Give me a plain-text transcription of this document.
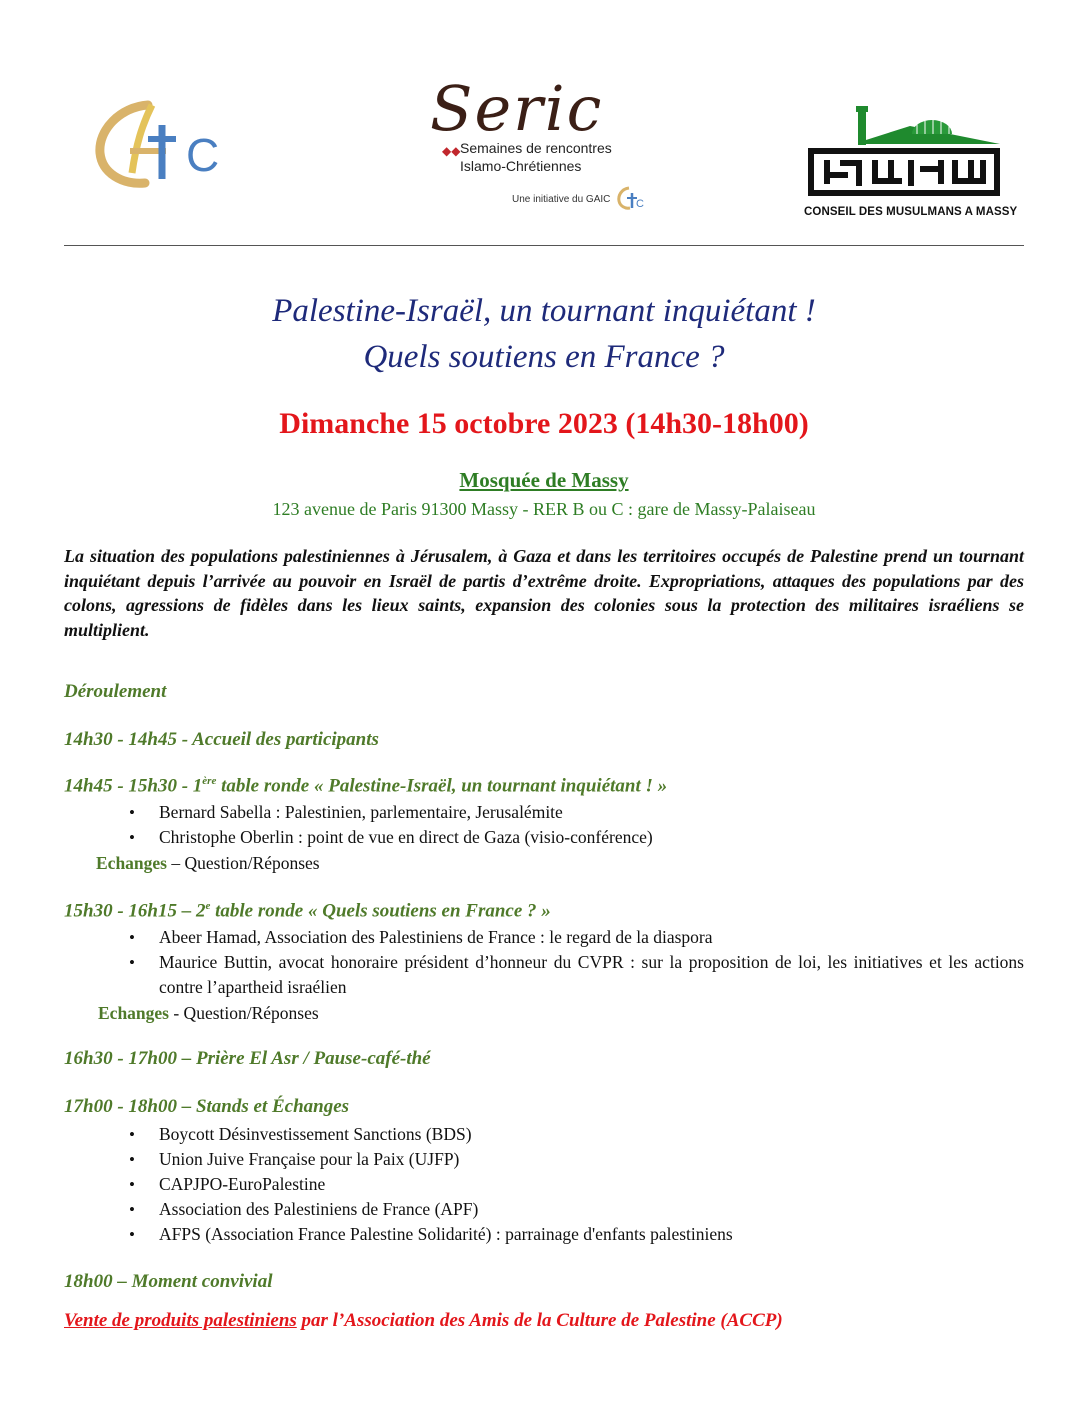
C
Seric
◆◆ Semaines de rencontres
Islamo-Chrétiennes
Une initiative du GAIC C
CONSEIL DES MUSULMANS A MASSY
Palestine-Israël, un tournant inquiétant !
Quels soutiens en France ?
Dimanche 15 octobre 2023 (14h30-18h00)
Mosquée de Massy
123 avenue de Paris 91300 Massy - RER B ou C : gare de Massy-Palaiseau
La situation des populations palestiniennes à Jérusalem, à Gaza et dans les territoires occupés de Palestine prend un tournant inquiétant depuis l’arrivée au pouvoir en Israël de partis d’extrême droite. Expropriations, attaques des populations par des colons, agressions de fidèles dans les lieux saints, expansion des colonies sous la protection des militaires israéliens se multiplient.
Déroulement
14h30 - 14h45 - Accueil des participants
14h45 - 15h30 - 1ère table ronde « Palestine-Israël, un tournant inquiétant ! »
• Bernard Sabella : Palestinien, parlementaire, Jerusalémite
• Christophe Oberlin : point de vue en direct de Gaza (visio-conférence)
Echanges – Question/Réponses
15h30 - 16h15 – 2e table ronde « Quels soutiens en France ? »
• Abeer Hamad, Association des Palestiniens de France : le regard de la diaspora
• Maurice Buttin, avocat honoraire président d’honneur du CVPR : sur la proposition de loi, les initiatives et les actions contre l’apartheid israélien
Echanges - Question/Réponses
16h30 - 17h00 – Prière El Asr / Pause-café-thé
17h00 - 18h00 – Stands et Échanges
• Boycott Désinvestissement Sanctions (BDS)
• Union Juive Française pour la Paix (UJFP)
• CAPJPO-EuroPalestine
• Association des Palestiniens de France (APF)
• AFPS (Association France Palestine Solidarité) : parrainage d'enfants palestiniens
18h00 – Moment convivial
Vente de produits palestiniens par l’Association des Amis de la Culture de Palestine (ACCP)
